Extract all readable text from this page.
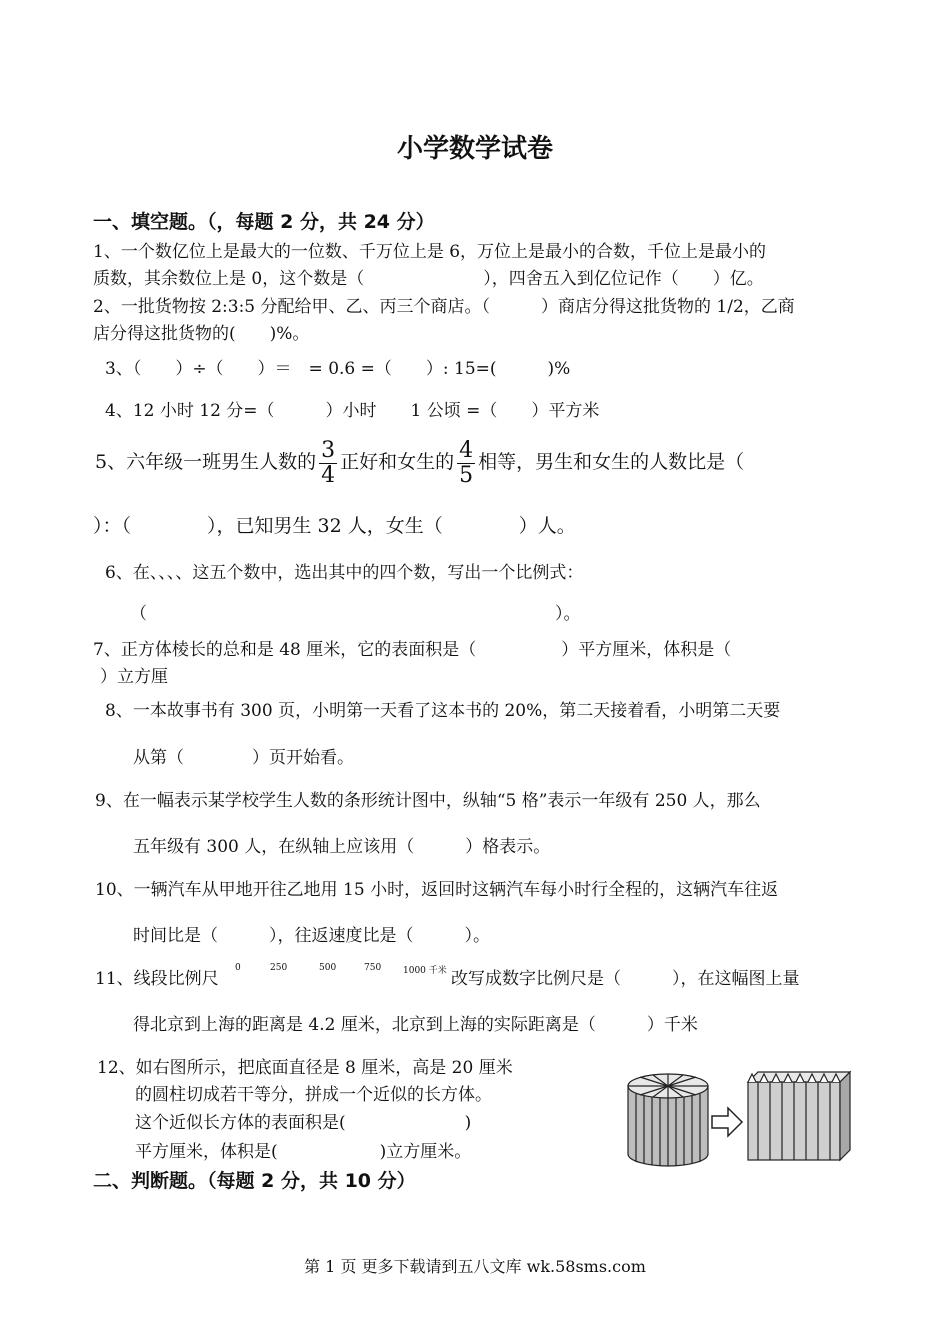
小学数学试卷
一、填空题。（，每题 2 分，共 24 分）
1、一个数亿位上是最大的一位数、千万位上是 6，万位上是最小的合数，千位上是最小的
质数，其余数位上是 0，这个数是（　　　　　　　），四舍五入到亿位记作（　　）亿。
2、一批货物按 2:3:5 分配给甲、乙、丙三个商店。（　　　）商店分得这批货物的 1/2，乙商
店分得这批货物的(　　)%。
3、（　　）÷（　　）＝　= 0.6 =（　　）: 15=(　　　)%
4、12 小时 12 分=（　　　）小时　　1 公顷 =（　　）平方米
5、六年级一班男生人数的 $\frac{3}{4}$ 正好和女生的 $\frac{4}{5}$ 相等，男生和女生的人数比是（
）：（　　　　），已知男生 32 人，女生（　　　　）人。
6、在、、、、这五个数中，选出其中的四个数，写出一个比例式：
（　　　　　　　　　　　　　　　　　　　　　　　　）。
7、正方体棱长的总和是 48 厘米，它的表面积是（　　　　　）平方厘米，体积是（
）立方厘
8、一本故事书有 300 页，小明第一天看了这本书的 20%，第二天接着看，小明第二天要
从第（　　　　）页开始看。
9、在一幅表示某学校学生人数的条形统计图中，纵轴“5 格”表示一年级有 250 人，那么
五年级有 300 人，在纵轴上应该用（　　　）格表示。
10、一辆汽车从甲地开往乙地用 15 小时，返回时这辆汽车每小时行全程的，这辆汽车往返
时间比是（　　　），往返速度比是（　　　）。
11、线段比例尺
0	250	500	750 1000 千米 改写成数字比例尺是（　　　），在这幅图上量
得北京到上海的距离是 4.2 厘米，北京到上海的实际距离是（　　　）千米
12、如右图所示，把底面直径是 8 厘米，高是 20 厘米
的圆柱切成若干等分，拼成一个近似的长方体。
这个近似长方体的表面积是(　　　　　　　)
平方厘米，体积是(　　　　　　)立方厘米。
二、判断题。（每题 2 分，共 10 分）
第 1 页 更多下载请到五八文库 wk.58sms.com
